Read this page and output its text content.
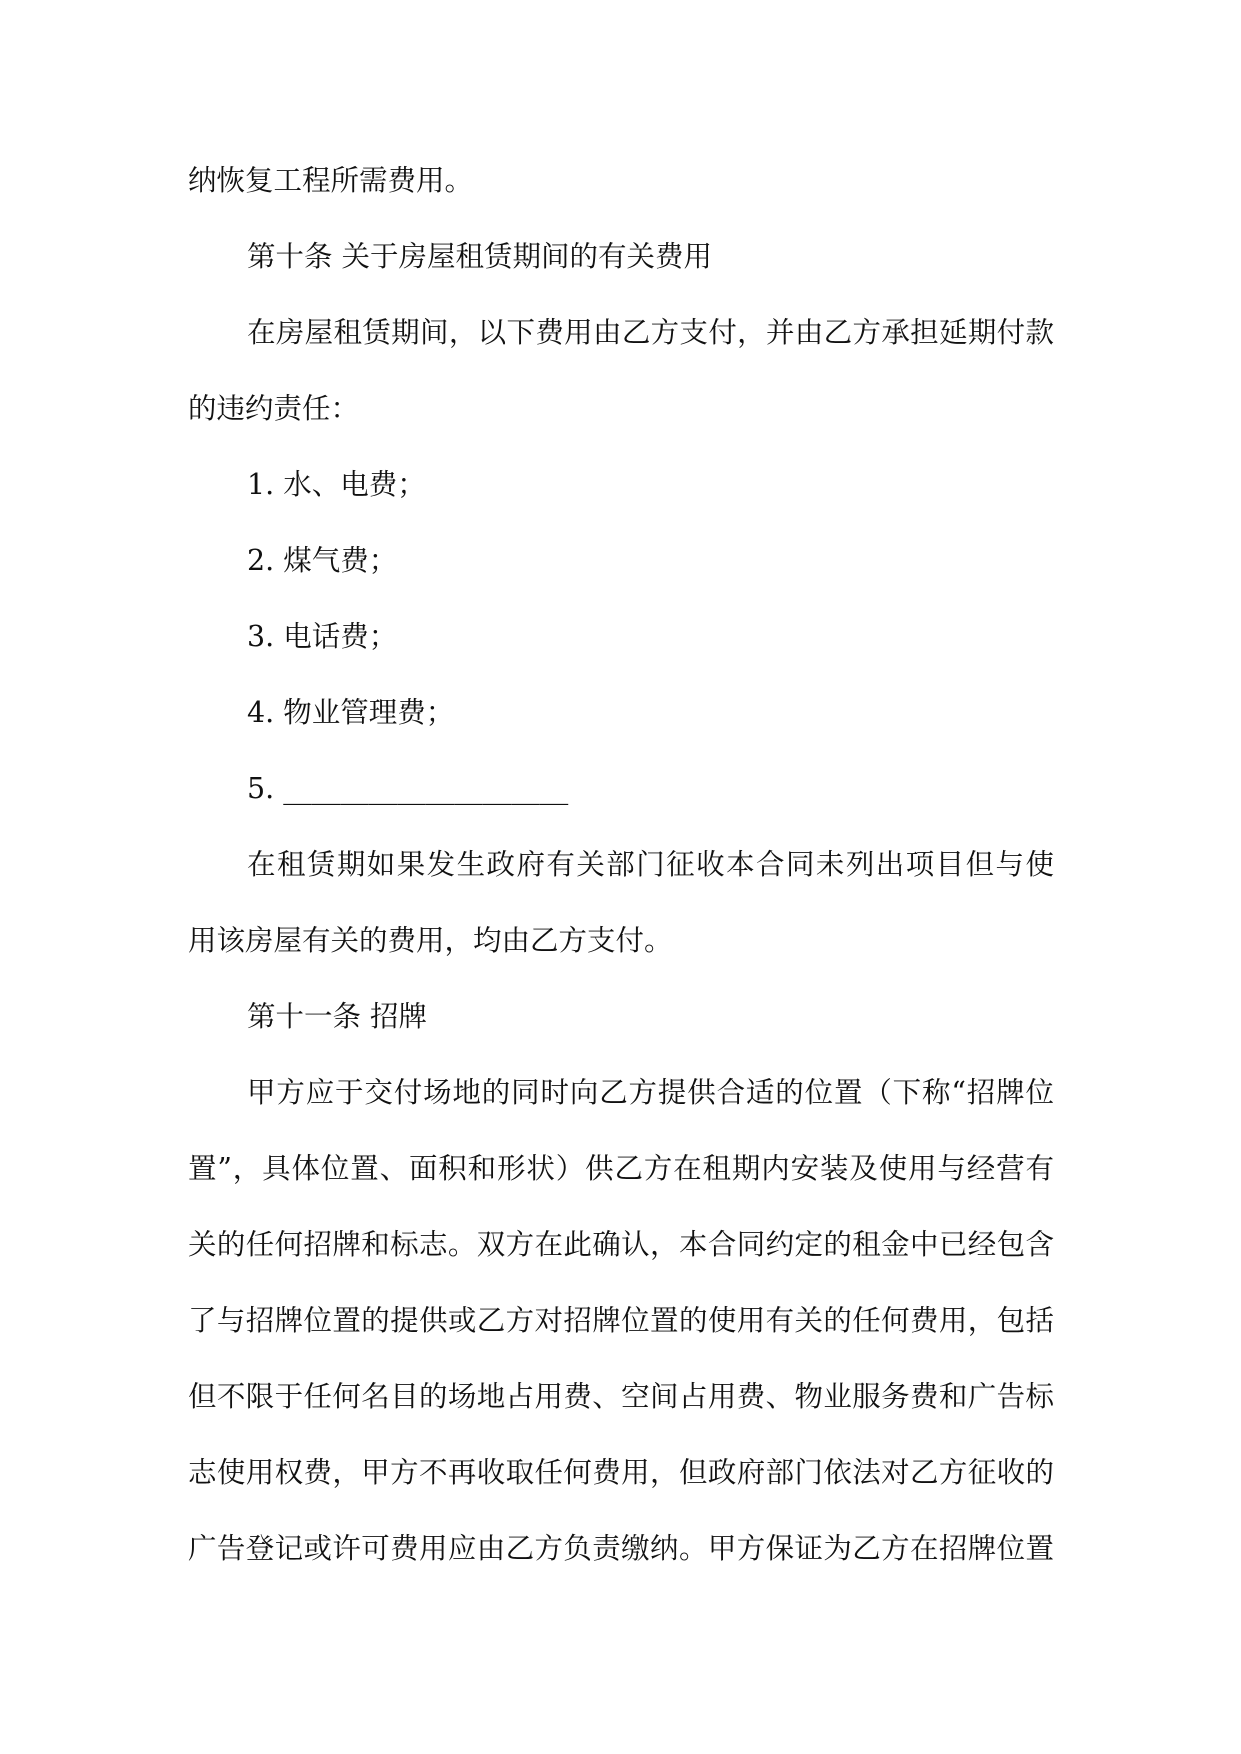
纳恢复工程所需费用。
第十条 关于房屋租赁期间的有关费用
在房屋租赁期间，以下费用由乙方支付，并由乙方承担延期付款
的违约责任：
1. 水、电费；
2. 煤气费；
3. 电话费；
4. 物业管理费；
5. ____________________
在租赁期如果发生政府有关部门征收本合同未列出项目但与使
用该房屋有关的费用，均由乙方支付。
第十一条 招牌
甲方应于交付场地的同时向乙方提供合适的位置（下称“招牌位
置”，具体位置、面积和形状）供乙方在租期内安装及使用与经营有
关的任何招牌和标志。双方在此确认，本合同约定的租金中已经包含
了与招牌位置的提供或乙方对招牌位置的使用有关的任何费用，包括
但不限于任何名目的场地占用费、空间占用费、物业服务费和广告标
志使用权费，甲方不再收取任何费用，但政府部门依法对乙方征收的
广告登记或许可费用应由乙方负责缴纳。甲方保证为乙方在招牌位置
